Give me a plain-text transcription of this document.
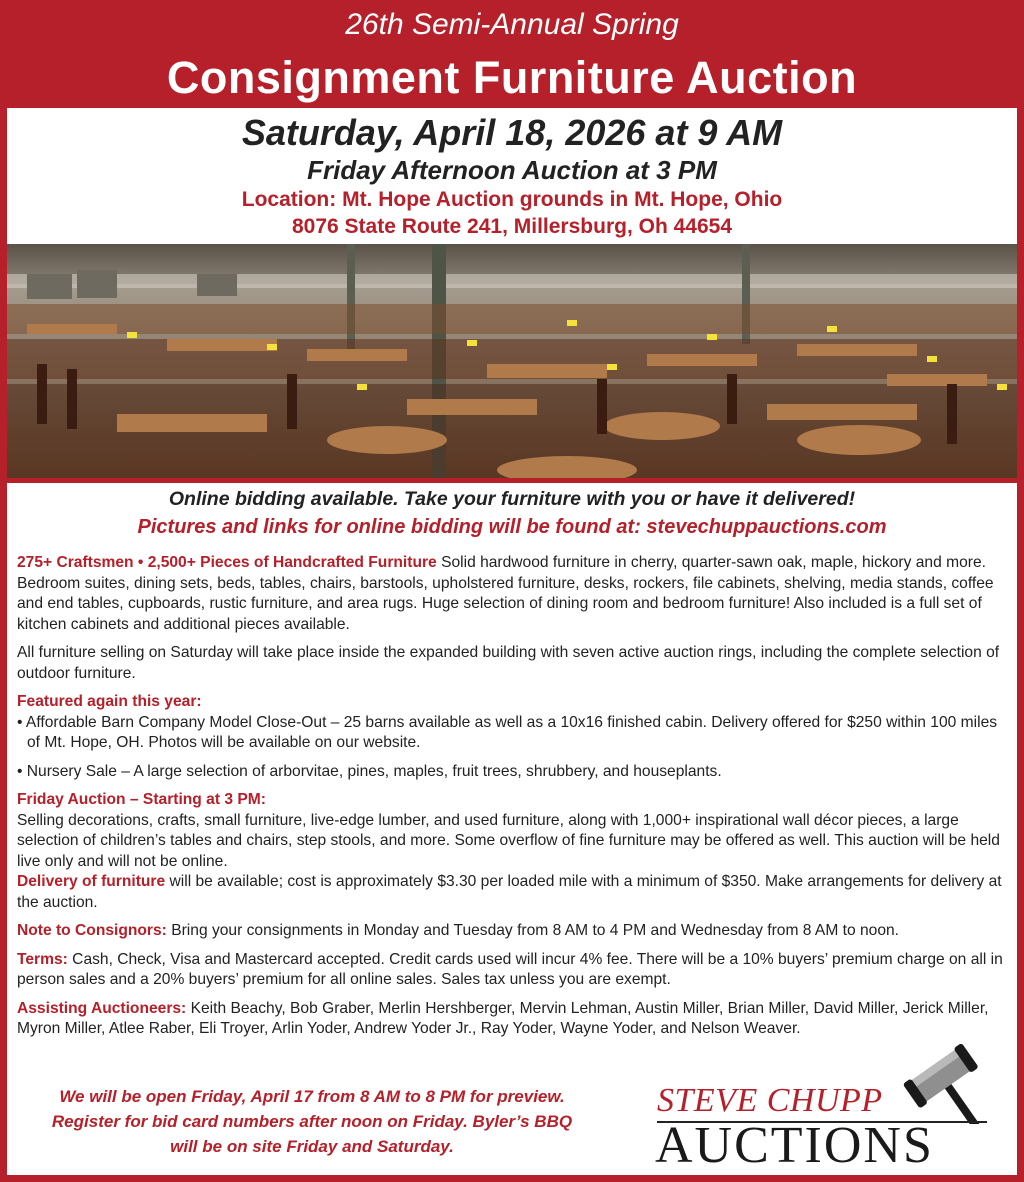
26th Semi-Annual Spring
Consignment Furniture Auction
Saturday, April 18, 2026 at 9 AM
Friday Afternoon Auction at 3 PM
Location: Mt. Hope Auction grounds in Mt. Hope, Ohio
8076 State Route 241, Millersburg, Oh 44654
Online bidding available. Take your furniture with you or have it delivered!
Pictures and links for online bidding will be found at: stevechuppauctions.com

275+ Craftsmen • 2,500+ Pieces of Handcrafted Furniture Solid hardwood furniture in cherry, quarter-sawn oak, maple, hickory and more. Bedroom suites, dining sets, beds, tables, chairs, barstools, upholstered furniture, desks, rockers, file cabinets, shelving, media stands, coffee and end tables, cupboards, rustic furniture, and area rugs. Huge selection of dining room and bedroom furniture! Also included is a full set of kitchen cabinets and additional pieces available.

All furniture selling on Saturday will take place inside the expanded building with seven active auction rings, including the complete selection of outdoor furniture.

Featured again this year:

• Affordable Barn Company Model Close-Out – 25 barns available as well as a 10x16 finished cabin. Delivery offered for $250 within 100 miles of Mt. Hope, OH. Photos will be available on our website.

• Nursery Sale – A large selection of arborvitae, pines, maples, fruit trees, shrubbery, and houseplants.

Friday Auction – Starting at 3 PM:
Selling decorations, crafts, small furniture, live-edge lumber, and used furniture, along with 1,000+ inspirational wall décor pieces, a large selection of children’s tables and chairs, step stools, and more. Some overflow of fine furniture may be offered as well. This auction will be held live only and will not be online.

Delivery of furniture will be available; cost is approximately $3.30 per loaded mile with a minimum of $350. Make arrangements for delivery at the auction.

Note to Consignors: Bring your consignments in Monday and Tuesday from 8 AM to 4 PM and Wednesday from 8 AM to noon.

Terms: Cash, Check, Visa and Mastercard accepted. Credit cards used will incur 4% fee. There will be a 10% buyers’ premium charge on all in person sales and a 20% buyers’ premium for all online sales. Sales tax unless you are exempt.

Assisting Auctioneers: Keith Beachy, Bob Graber, Merlin Hershberger, Mervin Lehman, Austin Miller, Brian Miller, David Miller, Jerick Miller, Myron Miller, Atlee Raber, Eli Troyer, Arlin Yoder, Andrew Yoder Jr., Ray Yoder, Wayne Yoder, and Nelson Weaver.

We will be open Friday, April 17 from 8 AM to 8 PM for preview.
Register for bid card numbers after noon on Friday. Byler’s BBQ
will be on site Friday and Saturday.
STEVE CHUPP
AUCTIONS
